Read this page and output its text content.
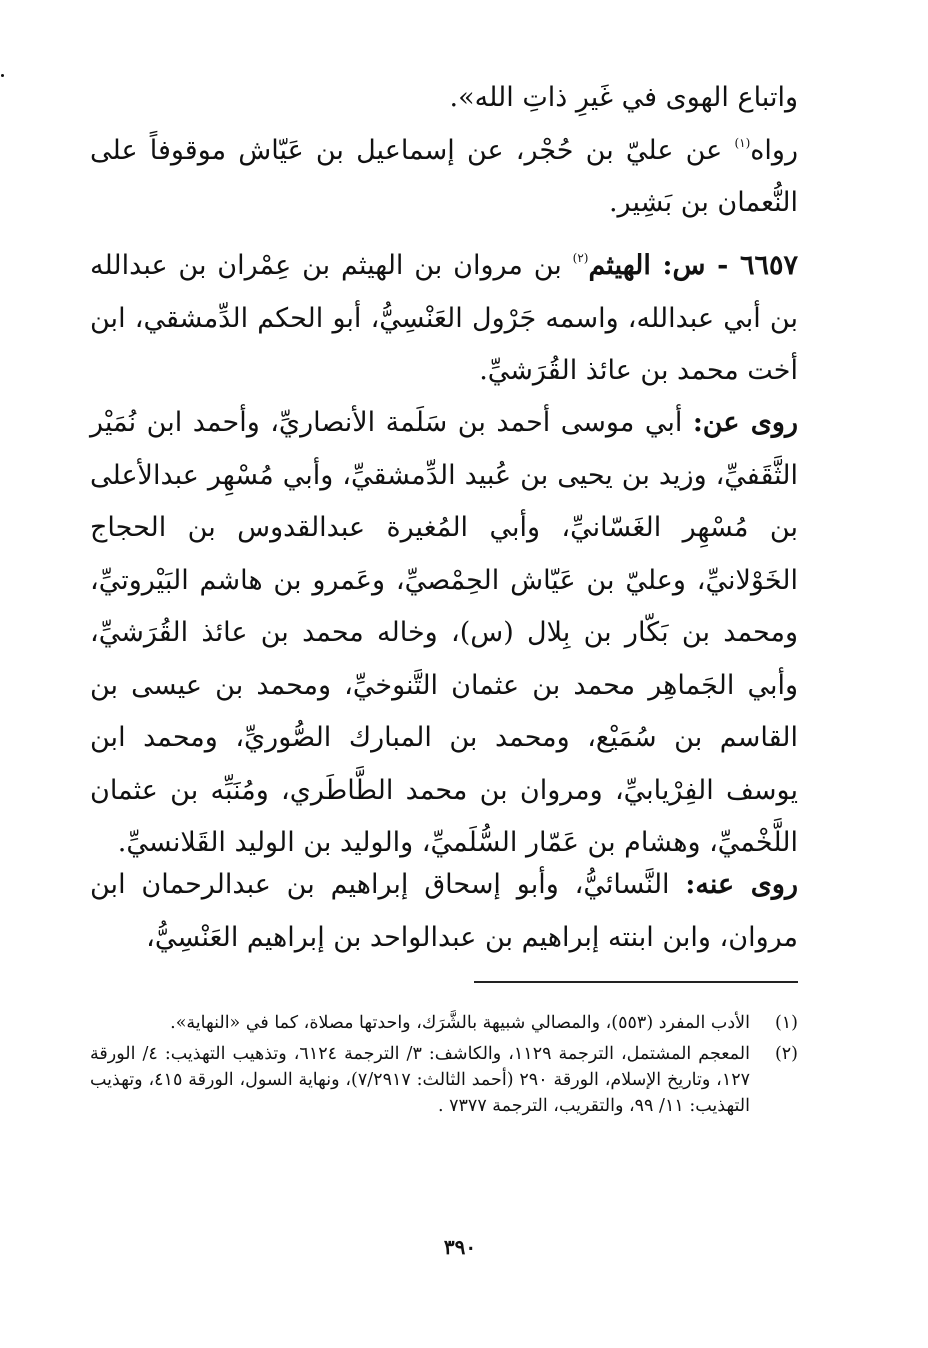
واتباع الهوى في غَيرِ ذاتِ الله».
رواه$^{(١)}$ عن عليّ بن حُجْر، عن إسماعيل بن عَيّاش موقوفاً على النُّعمان بن بَشِير.
٦٦٥٧ - س: الهيثم$^{(٢)}$ بن مروان بن الهيثم بن عِمْران بن عبدالله بن أبي عبدالله، واسمه جَرْول العَنْسِيُّ، أبو الحكم الدِّمشقي، ابن أخت محمد بن عائذ القُرَشيِّ.
روى عن: أبي موسى أحمد بن سَلَمة الأنصاريِّ، وأحمد ابن نُمَيْر الثَّقَفيِّ، وزيد بن يحيى بن عُبيد الدِّمشقيِّ، وأبي مُسْهِر عبدالأعلى بن مُسْهِر الغَسّانيِّ، وأبي المُغيرة عبدالقدوس بن الحجاج الخَوْلانيِّ، وعليّ بن عَيّاش الحِمْصيِّ، وعَمرو بن هاشم البَيْروتيِّ، ومحمد بن بَكّار بن بِلال (س)، وخاله محمد بن عائذ القُرَشيِّ، وأبي الجَماهِر محمد بن عثمان التَّنوخيِّ، ومحمد بن عيسى بن القاسم بن سُمَيْع، ومحمد بن المبارك الصُّوريِّ، ومحمد ابن يوسف الفِرْيابيِّ، ومروان بن محمد الطَّاطَري، ومُنَبِّه بن عثمان اللَّخْميِّ، وهشام بن عَمّار السُّلَميِّ، والوليد بن الوليد القَلانسيِّ.
روى عنه: النَّسائيُّ، وأبو إسحاق إبراهيم بن عبدالرحمان ابن مروان، وابن ابنته إبراهيم بن عبدالواحد بن إبراهيم العَنْسِيُّ،
(١)
الأدب المفرد (٥٥٣)، والمصالي شبيهة بالشَّرَك، واحدتها مصلاة، كما في «النهاية».
(٢)
المعجم المشتمل، الترجمة ١١٢٩، والكاشف: ٣/ الترجمة ٦١٢٤، وتذهيب التهذيب: ٤/ الورقة ١٢٧، وتاريخ الإسلام، الورقة ٢٩٠ (أحمد الثالث: ٧/٢٩١٧)، ونهاية السول، الورقة ٤١٥، وتهذيب التهذيب: ١١/ ٩٩، والتقريب، الترجمة ٧٣٧٧ .
٣٩٠
